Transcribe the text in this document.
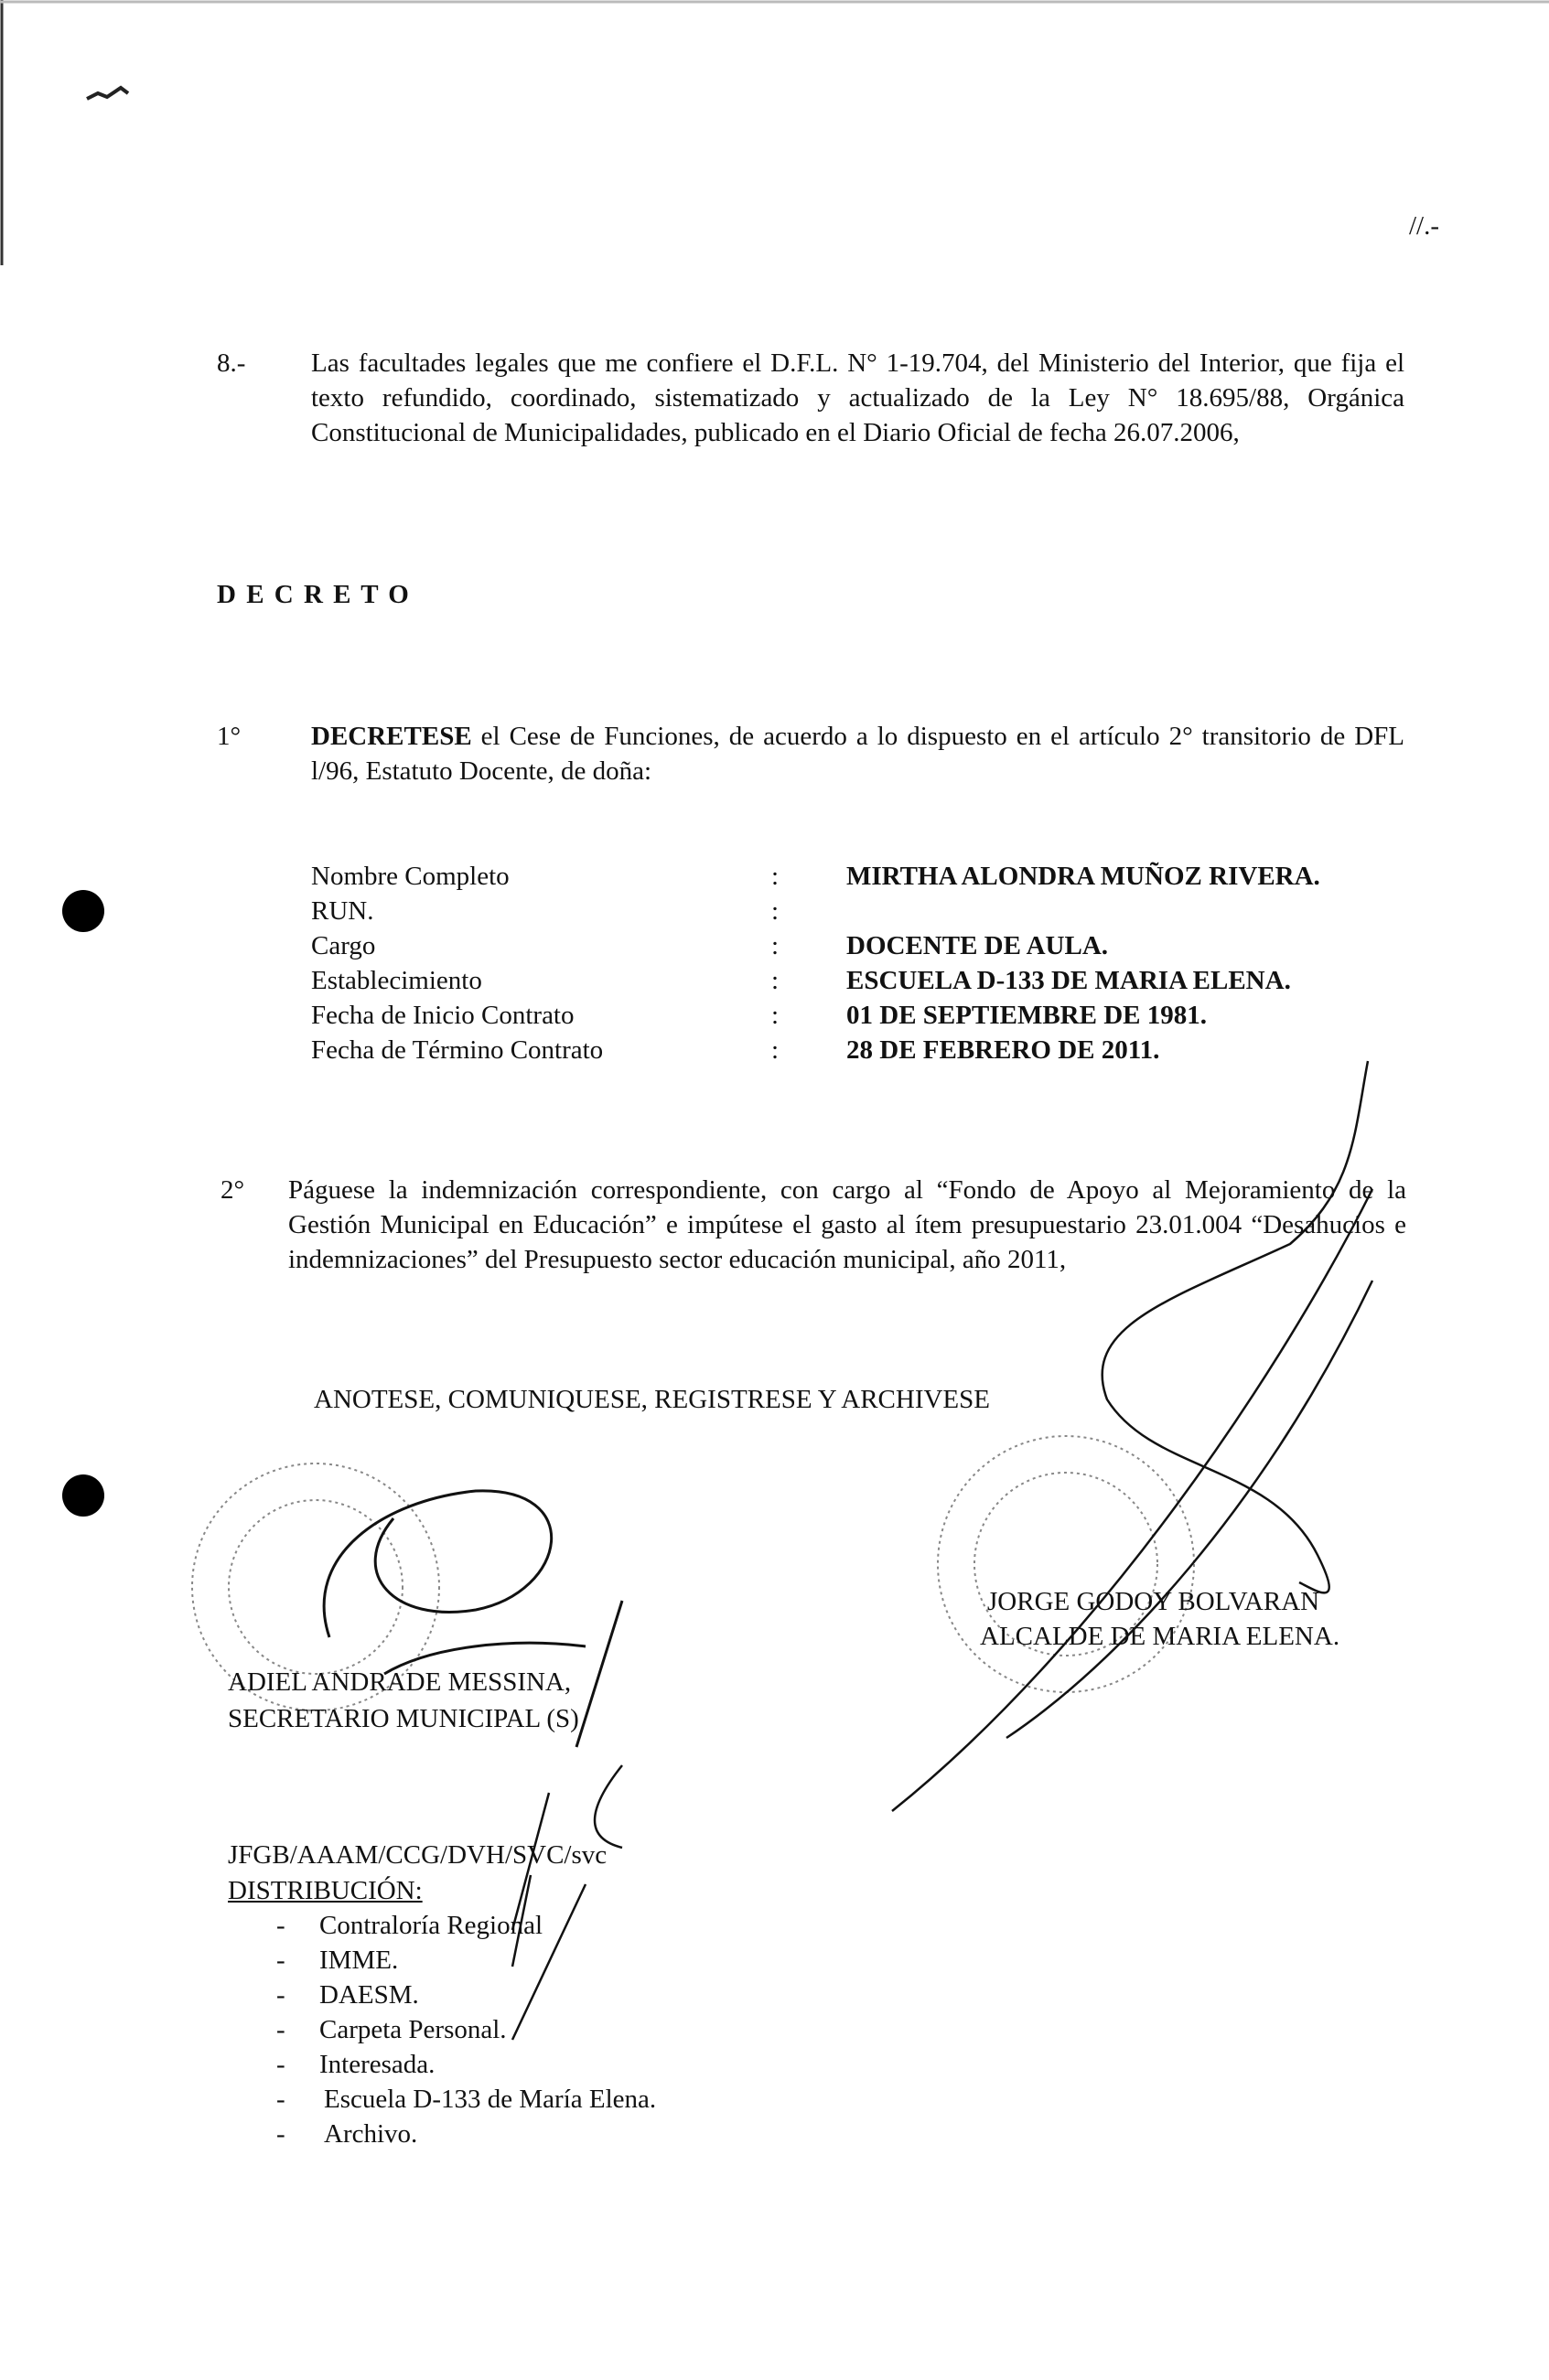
//.-
8.- Las facultades legales que me confiere el D.F.L. N° 1-19.704, del Ministerio del Interior, que fija el texto refundido, coordinado, sistematizado y actualizado de la Ley N° 18.695/88, Orgánica Constitucional de Municipalidades, publicado en el Diario Oficial de fecha 26.07.2006,
D E C R E T O
1°	DECRETESE el Cese de Funciones, de acuerdo a lo dispuesto en el artículo 2° transitorio de DFL l/96, Estatuto Docente, de doña:
Nombre Completo	:	MIRTHA ALONDRA MUÑOZ RIVERA.
RUN.	:
Cargo	:	DOCENTE DE AULA.
Establecimiento	:	ESCUELA D-133 DE MARIA ELENA.
Fecha de Inicio Contrato	:	01 DE SEPTIEMBRE DE 1981.
Fecha de Término Contrato	:	28 DE FEBRERO DE 2011.
2° Páguese la indemnización correspondiente, con cargo al “Fondo de Apoyo al Mejoramiento de la Gestión Municipal en Educación” e impútese el gasto al ítem presupuestario 23.01.004 “Desahucios e indemnizaciones” del Presupuesto sector educación municipal, año 2011,
ANOTESE, COMUNIQUESE, REGISTRESE Y ARCHIVESE
ADIEL ANDRADE MESSINA,
SECRETARIO MUNICIPAL (S)
JORGE GODOY BOLVARAN
ALCALDE DE MARIA ELENA.
JFGB/AAAM/CCG/DVH/SVC/svc
DISTRIBUCIÓN:
- Contraloría Regional
- IMME.
- DAESM.
- Carpeta Personal.
- Interesada.
- Escuela D-133 de María Elena.
- Archivo.
